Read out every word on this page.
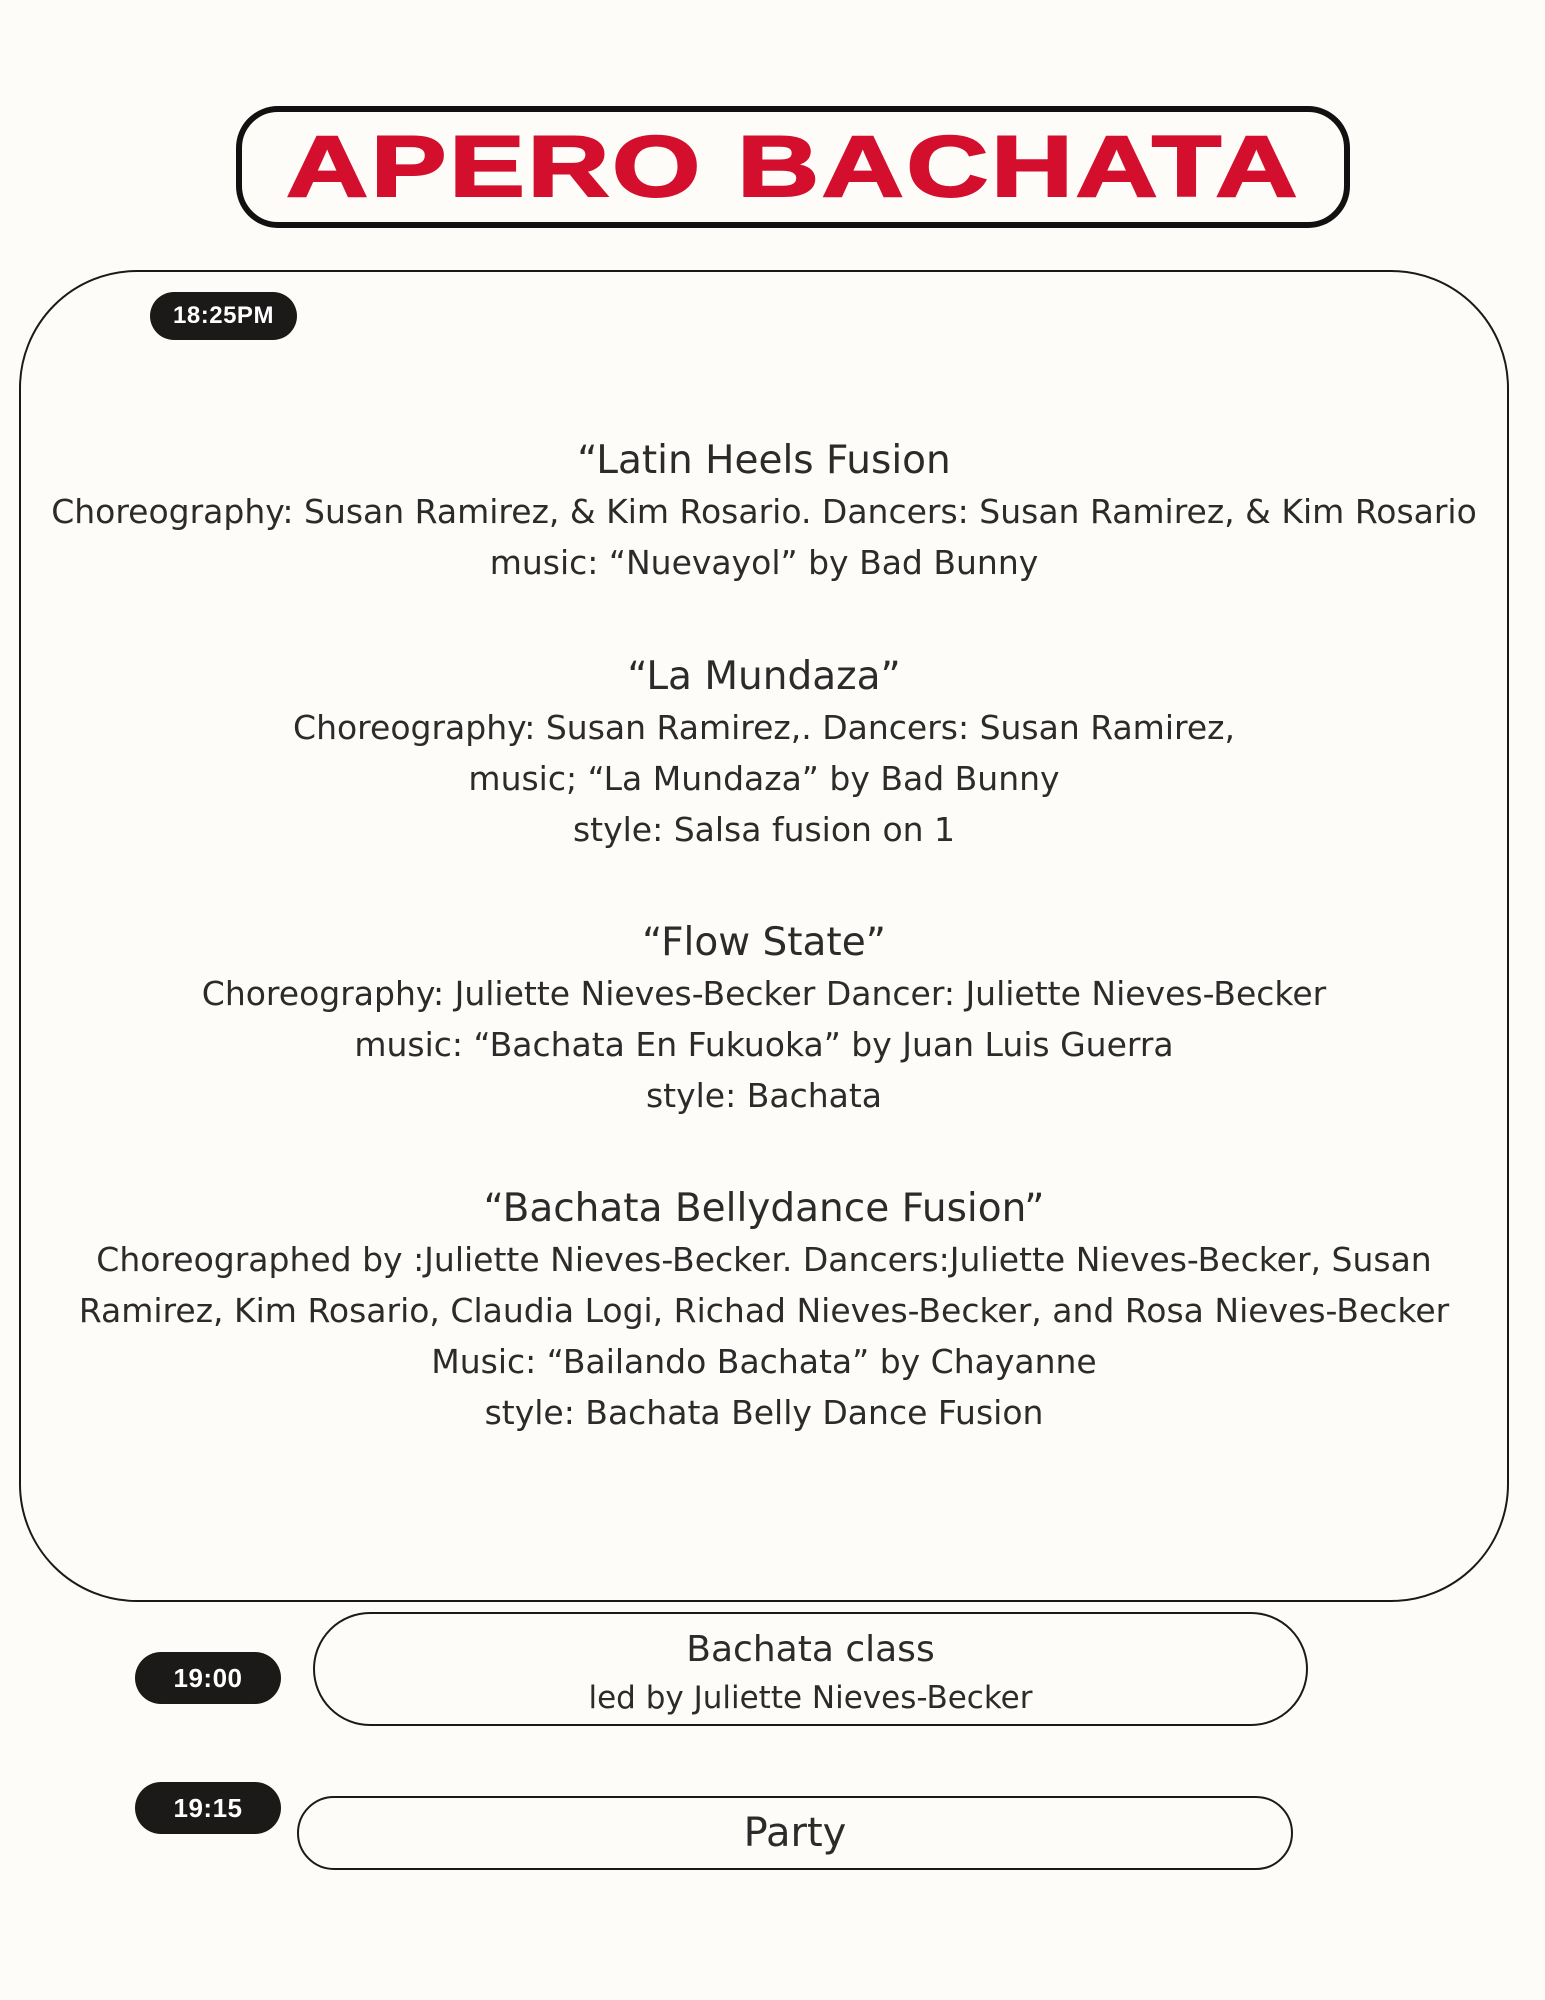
APERO BACHATA
18:25PM
“Latin Heels Fusion
Choreography: Susan Ramirez, & Kim Rosario. Dancers: Susan Ramirez, & Kim Rosario
music: “Nuevayol” by Bad Bunny
“La Mundaza”
Choreography: Susan Ramirez,. Dancers: Susan Ramirez,
music; “La Mundaza” by Bad Bunny
style: Salsa fusion on 1
“Flow State”
Choreography: Juliette Nieves-Becker Dancer: Juliette Nieves-Becker
music: “Bachata En Fukuoka” by Juan Luis Guerra
style: Bachata
“Bachata Bellydance Fusion”
Choreographed by :Juliette Nieves-Becker. Dancers:Juliette Nieves-Becker, Susan
Ramirez, Kim Rosario, Claudia Logi, Richad Nieves-Becker, and Rosa Nieves-Becker
Music: “Bailando Bachata” by Chayanne
style: Bachata Belly Dance Fusion
19:00
Bachata class
led by Juliette Nieves-Becker
19:15
Party
